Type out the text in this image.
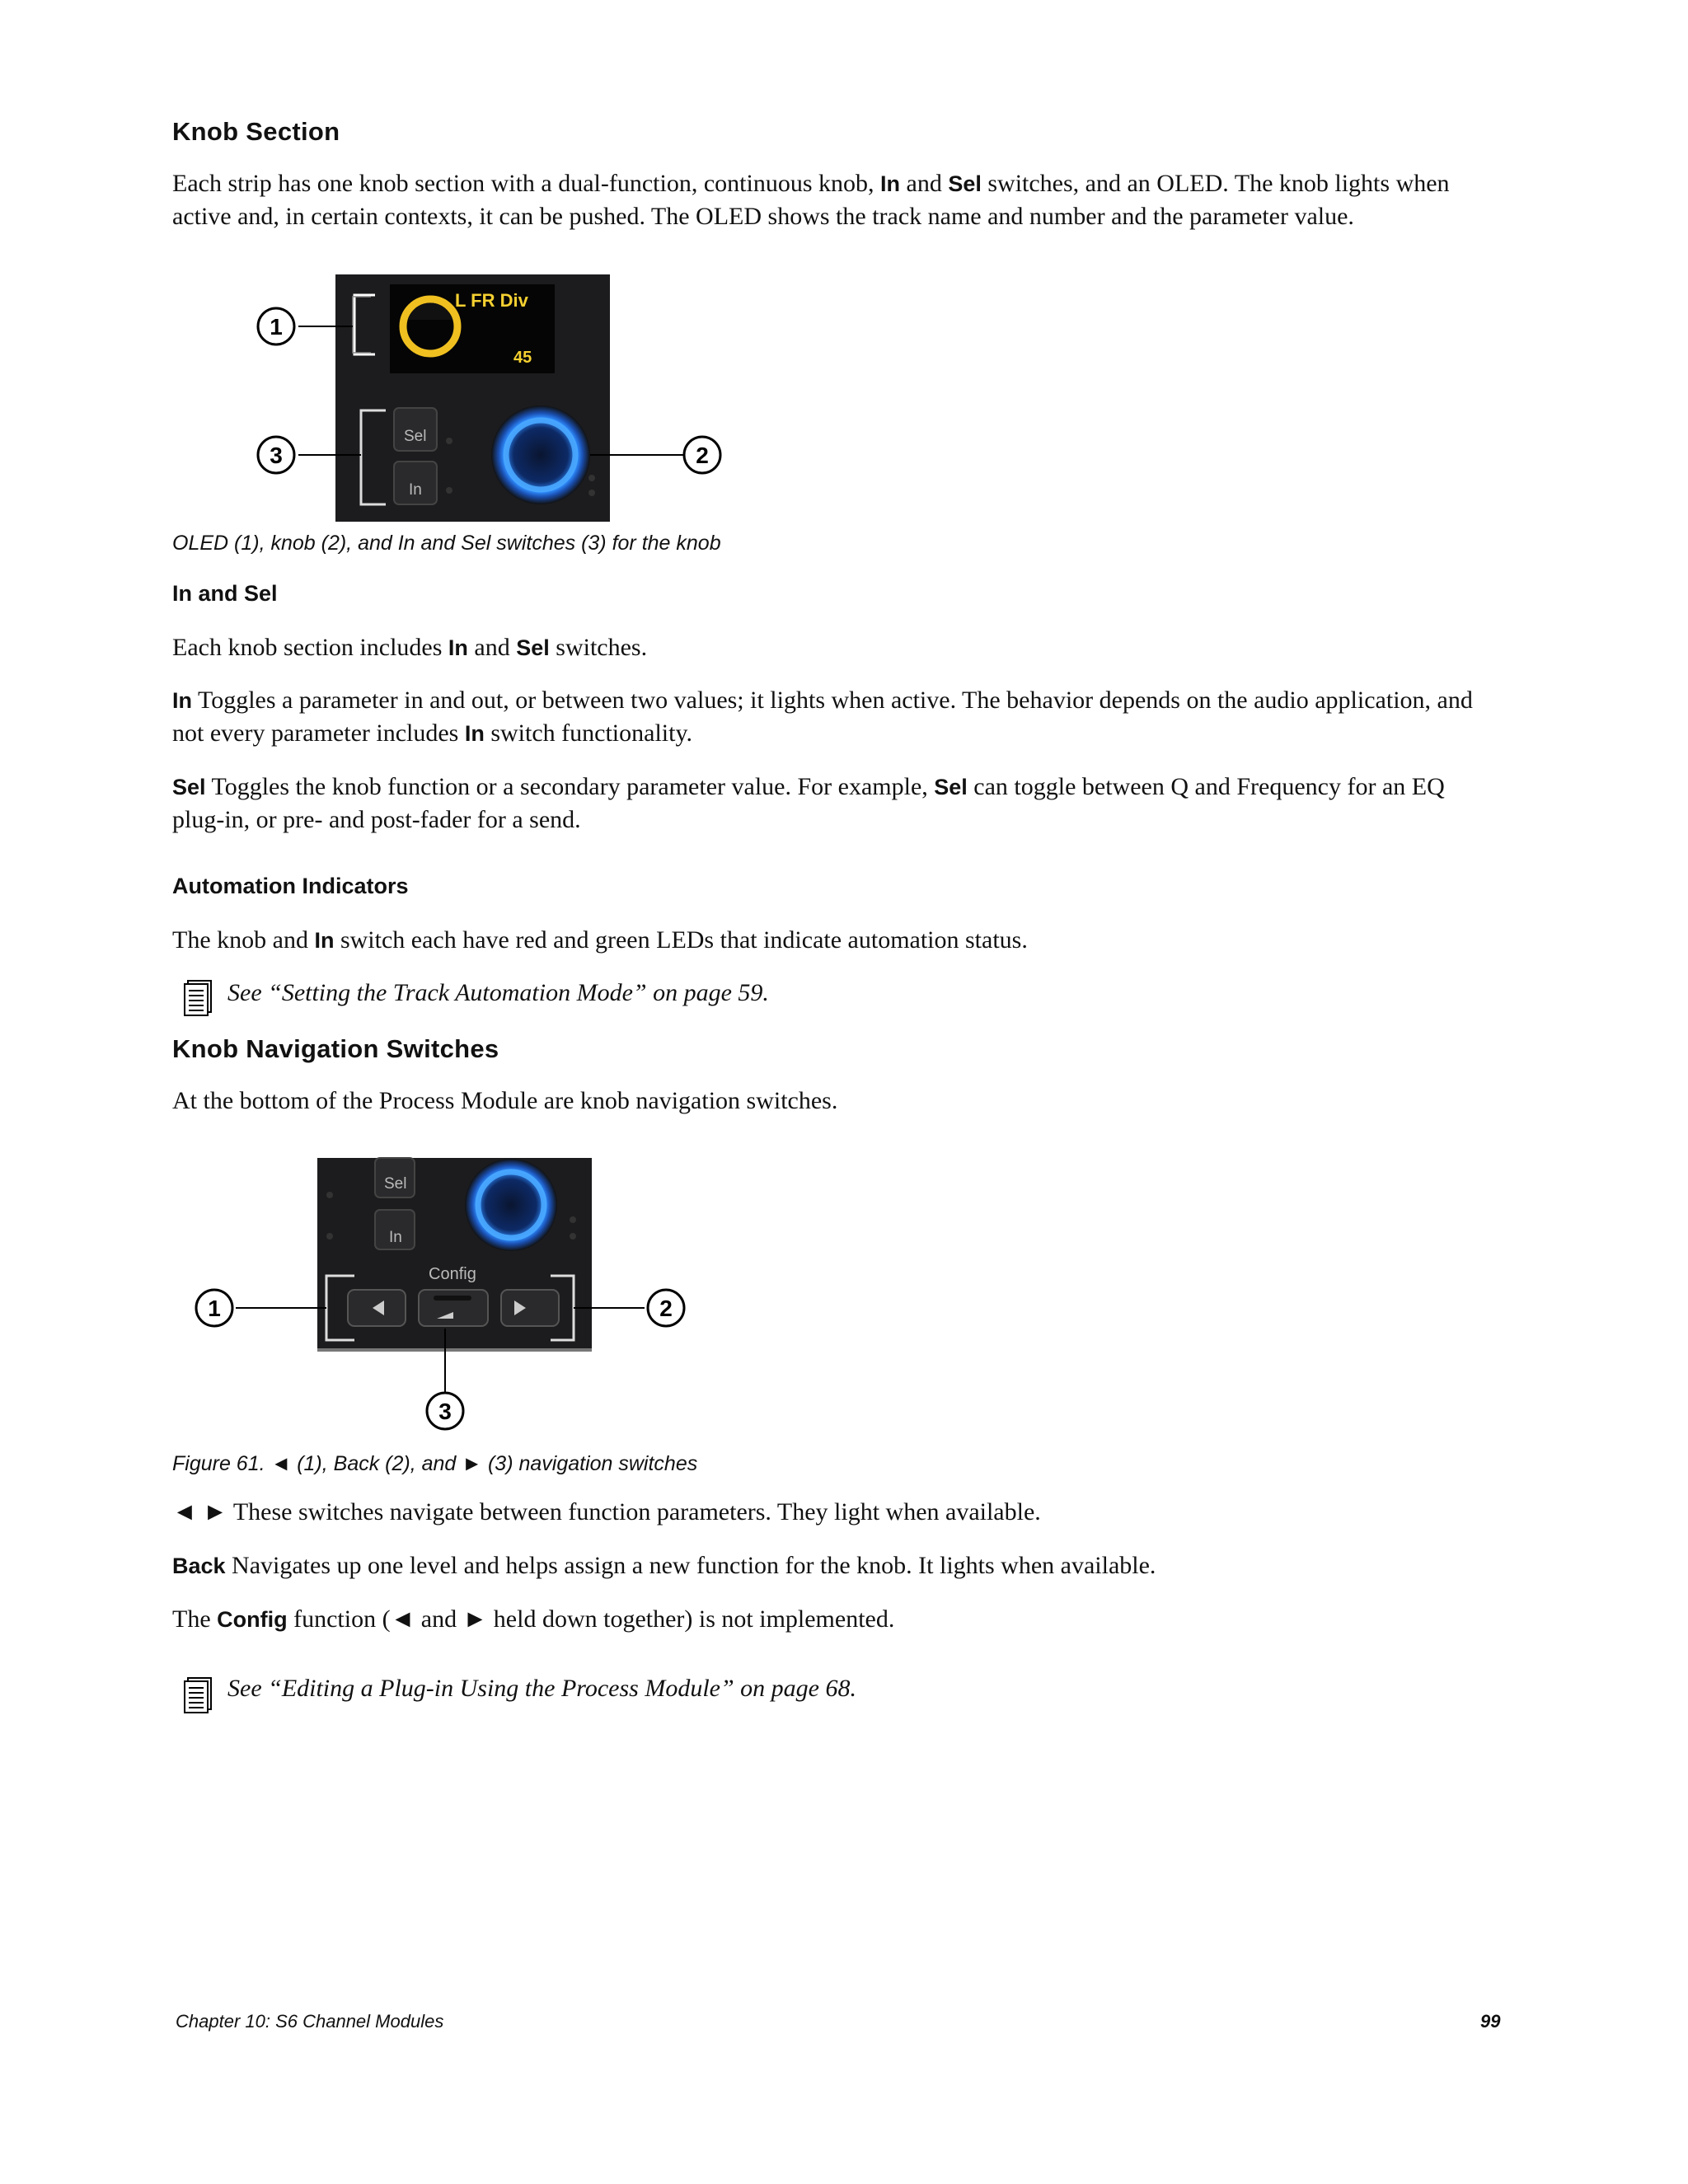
Knob Section
Each strip has one knob section with a dual-function, continuous knob, In and Sel switches, and an OLED. The knob lights when
active and, in certain contexts, it can be pushed. The OLED shows the track name and number and the parameter value.
L FR Div
45
Sel
In
1
3	2
OLED (1), knob (2), and In and Sel switches (3) for the knob
In and Sel
Each knob section includes In and Sel switches.
In Toggles a parameter in and out, or between two values; it lights when active. The behavior depends on the audio application, and
not every parameter includes In switch functionality.
Sel Toggles the knob function or a secondary parameter value. For example, Sel can toggle between Q and Frequency for an EQ
plug-in, or pre- and post-fader for a send.
Automation Indicators
The knob and In switch each have red and green LEDs that indicate automation status.
See “Setting the Track Automation Mode” on page 59.
Knob Navigation Switches
At the bottom of the Process Module are knob navigation switches.
Sel
In
Config
1	2
3
Figure 61. ◄ (1), Back (2), and ► (3) navigation switches
◄ ► These switches navigate between function parameters. They light when available.
Back Navigates up one level and helps assign a new function for the knob. It lights when available.
The Config function (◄ and ► held down together) is not implemented.
See “Editing a Plug-in Using the Process Module” on page 68.
Chapter 10: S6 Channel Modules	99
